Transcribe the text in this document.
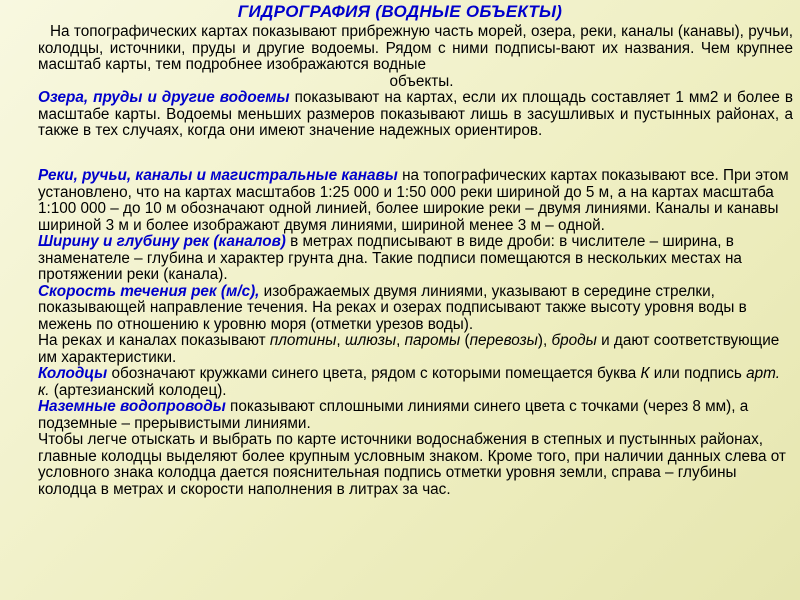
ГИДРОГРАФИЯ (ВОДНЫЕ ОБЪЕКТЫ)

На топографических картах показывают прибрежную часть морей, озера, реки, каналы (канавы), ручьи, колодцы, источники, пруды и другие водоемы. Рядом с ними подписы-вают их названия. Чем крупнее масштаб карты, тем подробнее изображаются водные
объекты.

Озера, пруды и другие водоемы показывают на картах, если их площадь составляет 1 мм2 и более в масштабе карты. Водоемы меньших размеров показывают лишь в засушливых и пустынных районах, а также в тех случаях, когда они имеют значение надежных ориентиров.

Реки, ручьи, каналы и магистральные канавы на топографических картах показывают все. При этом установлено, что на картах масштабов 1:25 000 и 1:50 000 реки шириной до 5 м, а на картах масштаба 1:100 000 – до 10 м обозначают одной линией, более широкие реки – двумя линиями. Каналы и канавы шириной 3 м и более изображают двумя линиями, шириной менее 3 м – одной.

Ширину и глубину рек (каналов) в метрах подписывают в виде дроби: в числителе – ширина, в знаменателе – глубина и характер грунта дна. Такие подписи помещаются в нескольких местах на протяжении реки (канала).

Скорость течения рек (м/с), изображаемых двумя линиями, указывают в середине стрелки, показывающей направление течения. На реках и озерах подписывают также высоту уровня воды в межень по отношению к уровню моря (отметки урезов воды).

На реках и каналах показывают плотины, шлюзы, паромы (перевозы), броды и дают соответствующие им характеристики.

Колодцы обозначают кружками синего цвета, рядом с которыми помещается буква К или подпись арт. к. (артезианский колодец).

Наземные водопроводы показывают сплошными линиями синего цвета с точками (через 8 мм), а подземные – прерывистыми линиями.

Чтобы легче отыскать и выбрать по карте источники водоснабжения в степных и пустынных районах, главные колодцы выделяют более крупным условным знаком. Кроме того, при наличии данных слева от условного знака колодца дается пояснительная подпись отметки уровня земли, справа – глубины колодца в метрах и скорости наполнения в литрах за час.
